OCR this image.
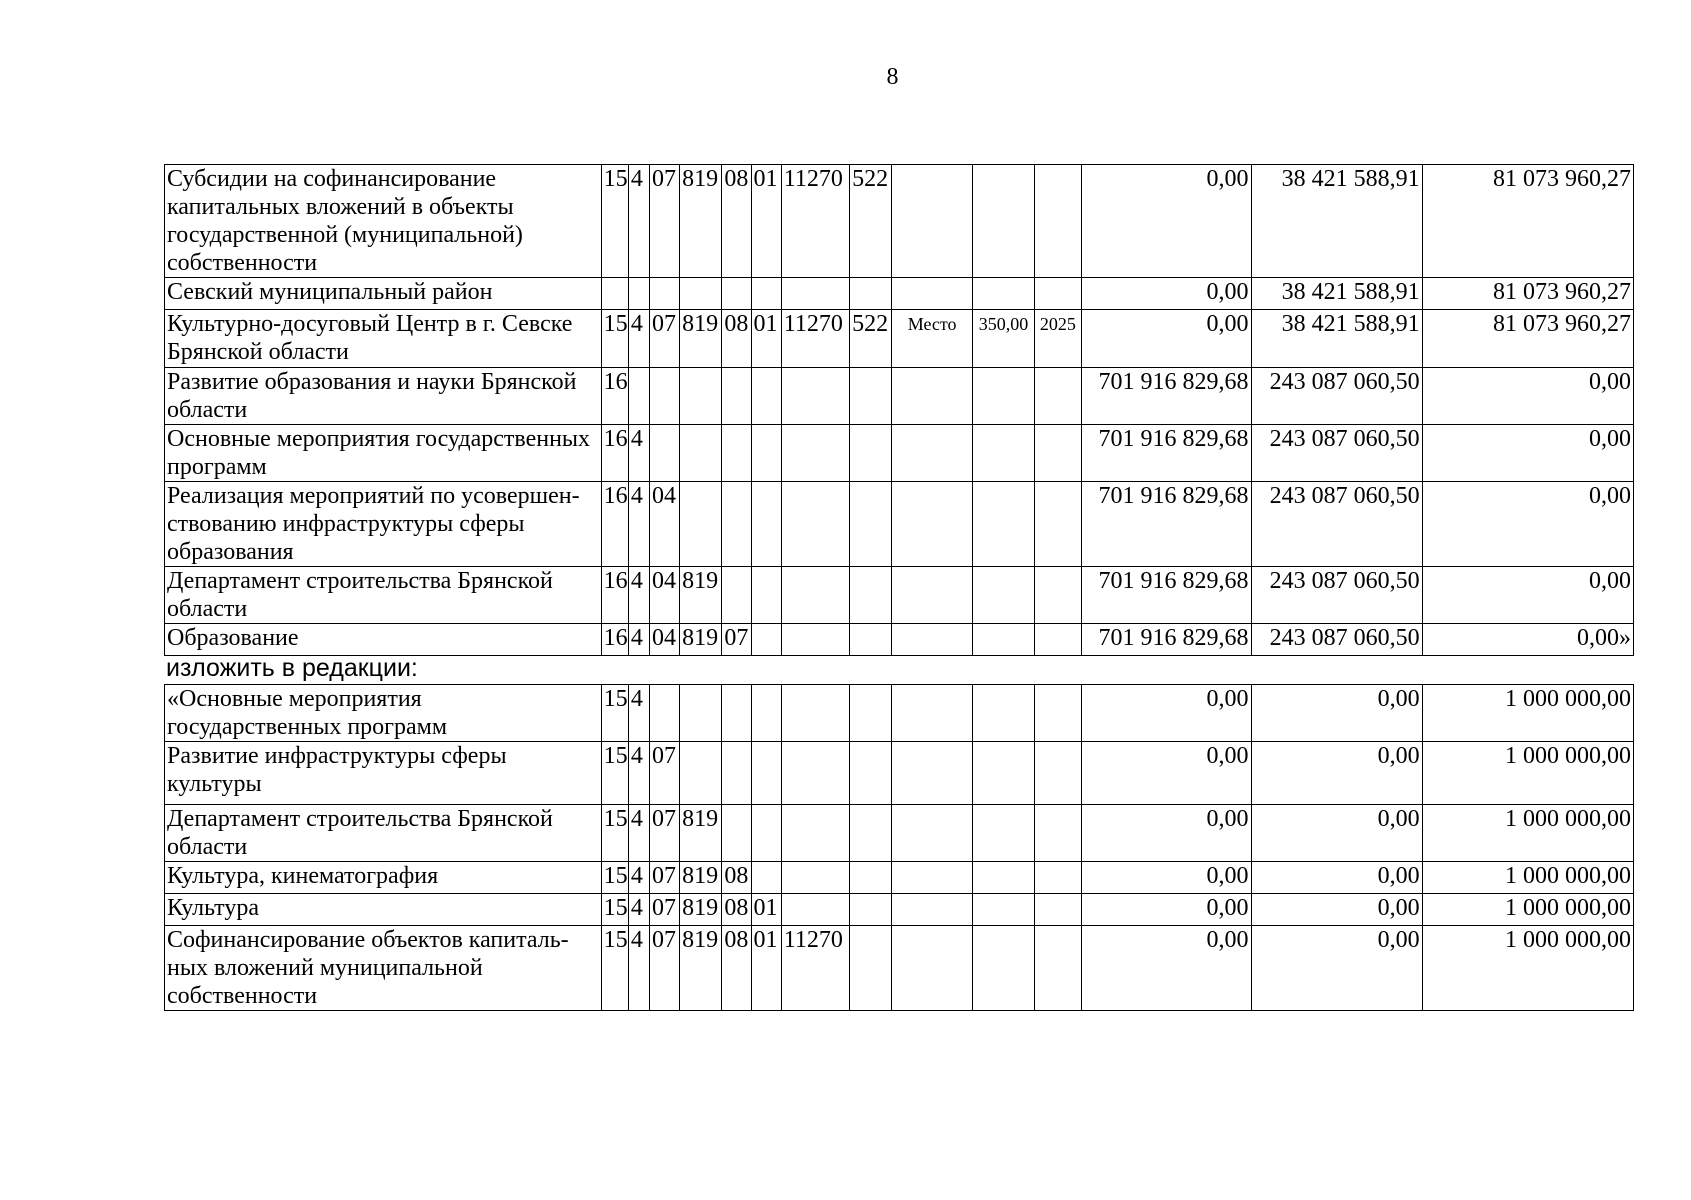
8
Субсидии на софинансирование капитальных вложений в объекты государственной (муниципальной) собственности	15	4	07	819	08	01	11270	522				0,00	38 421 588,91	81 073 960,27
Севский муниципальный район												0,00	38 421 588,91	81 073 960,27
Культурно-досуговый Центр в г. Севске Брянской области	15	4	07	819	08	01	11270	522	Место	350,00	2025	0,00	38 421 588,91	81 073 960,27
Развитие образования и науки Брянской области	16											701 916 829,68	243 087 060,50	0,00
Основные мероприятия государственных программ	16	4										701 916 829,68	243 087 060,50	0,00
Реализация мероприятий по усовершен-ствованию инфраструктуры сферы образования	16	4	04									701 916 829,68	243 087 060,50	0,00
Департамент строительства Брянской области	16	4	04	819								701 916 829,68	243 087 060,50	0,00
Образование	16	4	04	819	07							701 916 829,68	243 087 060,50	0,00»
изложить в редакции:
«Основные мероприятия государственных программ	15	4										0,00	0,00	1 000 000,00
Развитие инфраструктуры сферы культуры	15	4	07									0,00	0,00	1 000 000,00
Департамент строительства Брянской области	15	4	07	819								0,00	0,00	1 000 000,00
Культура, кинематография	15	4	07	819	08							0,00	0,00	1 000 000,00
Культура	15	4	07	819	08	01						0,00	0,00	1 000 000,00
Софинансирование объектов капиталь-ных вложений муниципальной собственности	15	4	07	819	08	01	11270					0,00	0,00	1 000 000,00
